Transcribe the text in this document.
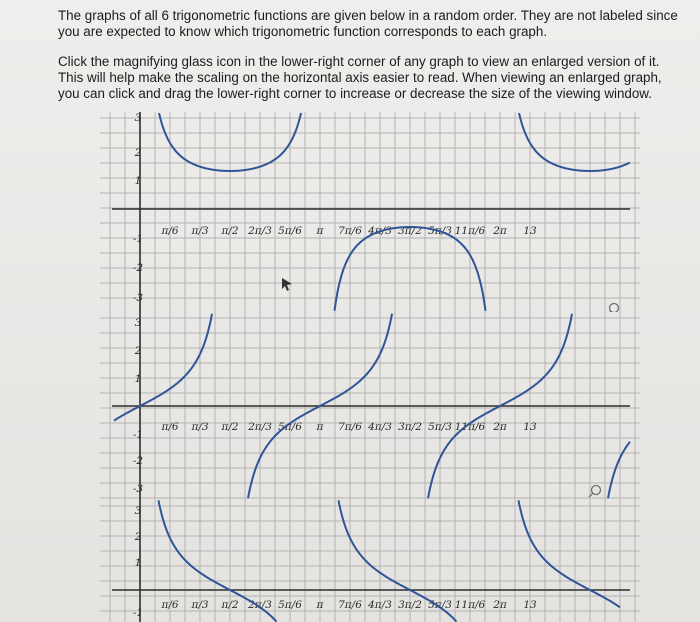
The graphs of all 6 trigonometric functions are given below in a random order. They are not labeled since you are expected to know which trigonometric function corresponds to each graph.
Click the magnifying glass icon in the lower-right corner of any graph to view an enlarged version of it. This will help make the scaling on the horizontal axis easier to read. When viewing an enlarged graph, you can click and drag the lower-right corner to increase or decrease the size of the viewing window.
π/6 π/3 π/2 2π/3 5π/6 π 7π/6 4π/3 3π/2 5π/3 11π/6 2π 13
3
2
1
-1
-2
-3
π/6 π/3 π/2 2π/3 5π/6 π 7π/6 4π/3 3π/2 5π/3 11π/6 2π 13
3
2
1
-1
-2
-3
π/6 π/3 π/2 2π/3 5π/6 π 7π/6 4π/3 3π/2 5π/3 11π/6 2π 13
3
2
1
-1
